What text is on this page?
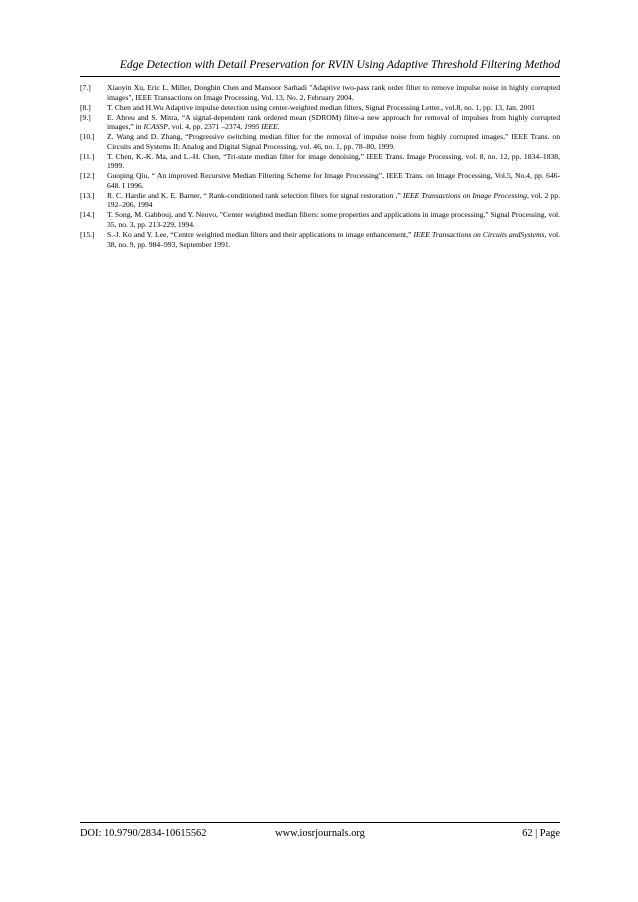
Edge Detection with Detail Preservation for RVIN Using Adaptive Threshold Filtering Method
[7.]	Xiaoyin Xu, Eric L. Miller, Dongbin Chen and Mansoor Sarhadi "Adaptive two-pass rank order filter to remove impulse noise in highly corrupted images", IEEE Transactions on Image Processing, Vol. 13, No. 2, February 2004.
[8.]	T. Chen and H.Wu Adaptive impulse detection using center-weighted median filters, Signal Processing Letter., vol.8, no. 1, pp. 13, Jan. 2001
[9.]	E. Abreu and S. Mitra, “A signal-dependent rank ordered mean (SDROM) filter-a new approach for removal of impulses from highly corrupted images,” in ICASSP, vol. 4, pp. 2371 –2374, 1995 IEEE.
[10.]	Z. Wang and D. Zhang, “Progressive switching median filter for the removal of impulse noise from highly corrupted images,” IEEE Trans. on Circuits and Systems II: Analog and Digital Signal Processing, vol. 46, no. 1, pp. 78–80, 1999.
[11.]	T. Chen, K.-K. Ma, and L.-H. Chen, “Tri-state median filter for image denoising,” IEEE Trans. Image Processing, vol. 8, no. 12, pp. 1834–1838, 1999.
[12.]	Guoping Qiu, “ An improved Recursive Median Filtering Scheme for Image Processing”, IEEE Trans. on Image Processing, Vol.5, No.4, pp. 646-648. I 1996.
[13.]	R. C. Hardie and K. E. Barner, “ Rank-conditioned rank selection filters for signal restoration ,” IEEE Transactions on Image Processing, vol. 2 pp. 192–206, 1994
[14.]	T. Song, M. Gabbouj, and Y. Neuvo, "Center weighted median filters: some properties and applications in image processing," Signal Processing, vol. 35, no. 3, pp. 213-229, 1994.
[15.]	S.-J. Ko and Y. Lee, “Centre weighted median filters and their applications to image enhancement,” IEEE Transactions on Circuits andSystems, vol. 38, no. 9, pp. 984–993, September 1991.
DOI: 10.9790/2834-10615562	www.iosrjournals.org	62 | Page
